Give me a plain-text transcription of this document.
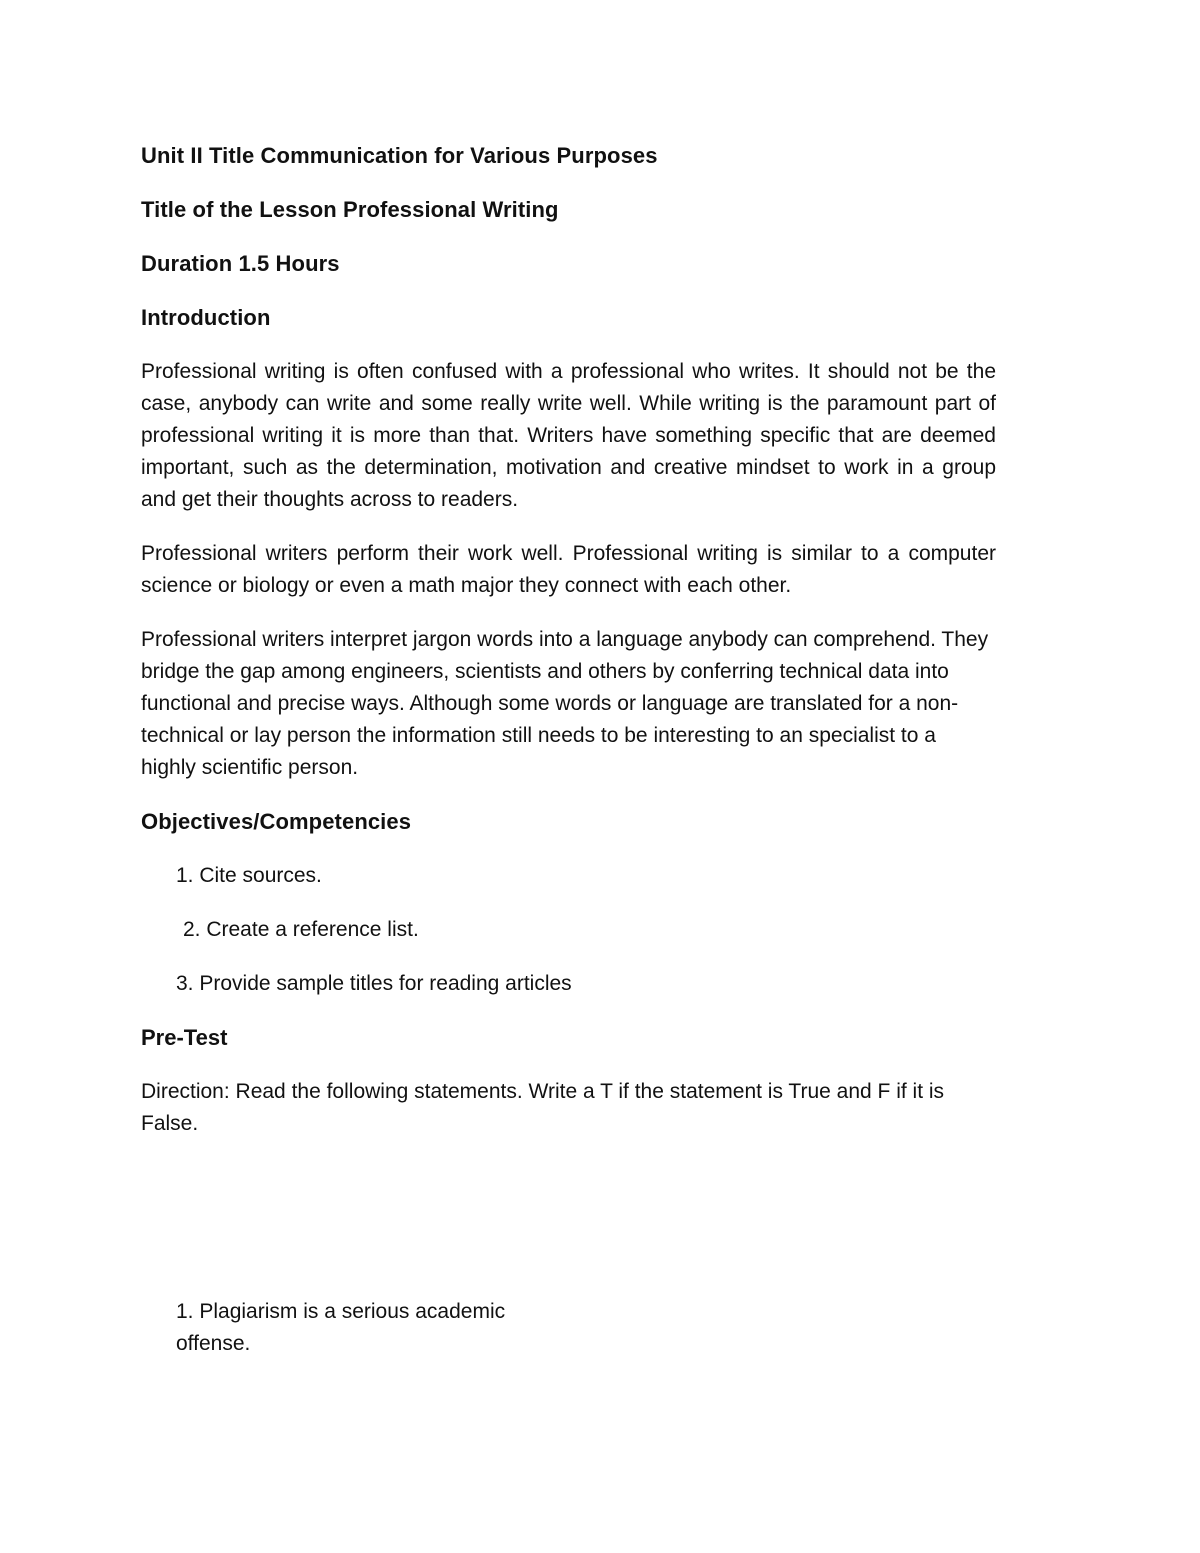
Unit II Title Communication for Various Purposes
Title of the Lesson Professional Writing
Duration 1.5 Hours
Introduction

Professional writing is often confused with a professional who writes. It should not be the case, anybody can write and some really write well. While writing is the paramount part of professional writing it is more than that. Writers have something specific that are deemed important, such as the determination, motivation and creative mindset to work in a group and get their thoughts across to readers.

Professional writers perform their work well. Professional writing is similar to a computer science or biology or even a math major they connect with each other.

Professional writers interpret jargon words into a language anybody can comprehend. They bridge the gap among engineers, scientists and others by conferring technical data into functional and precise ways. Although some words or language are translated for a non-technical or lay person the information still needs to be interesting to an specialist to a highly scientific person.

Objectives/Competencies
1. Cite sources.
2. Create a reference list.
3. Provide sample titles for reading articles
Pre-Test

Direction: Read the following statements. Write a T if the statement is True and F if it is False.

1. Plagiarism is a serious academic offense.
